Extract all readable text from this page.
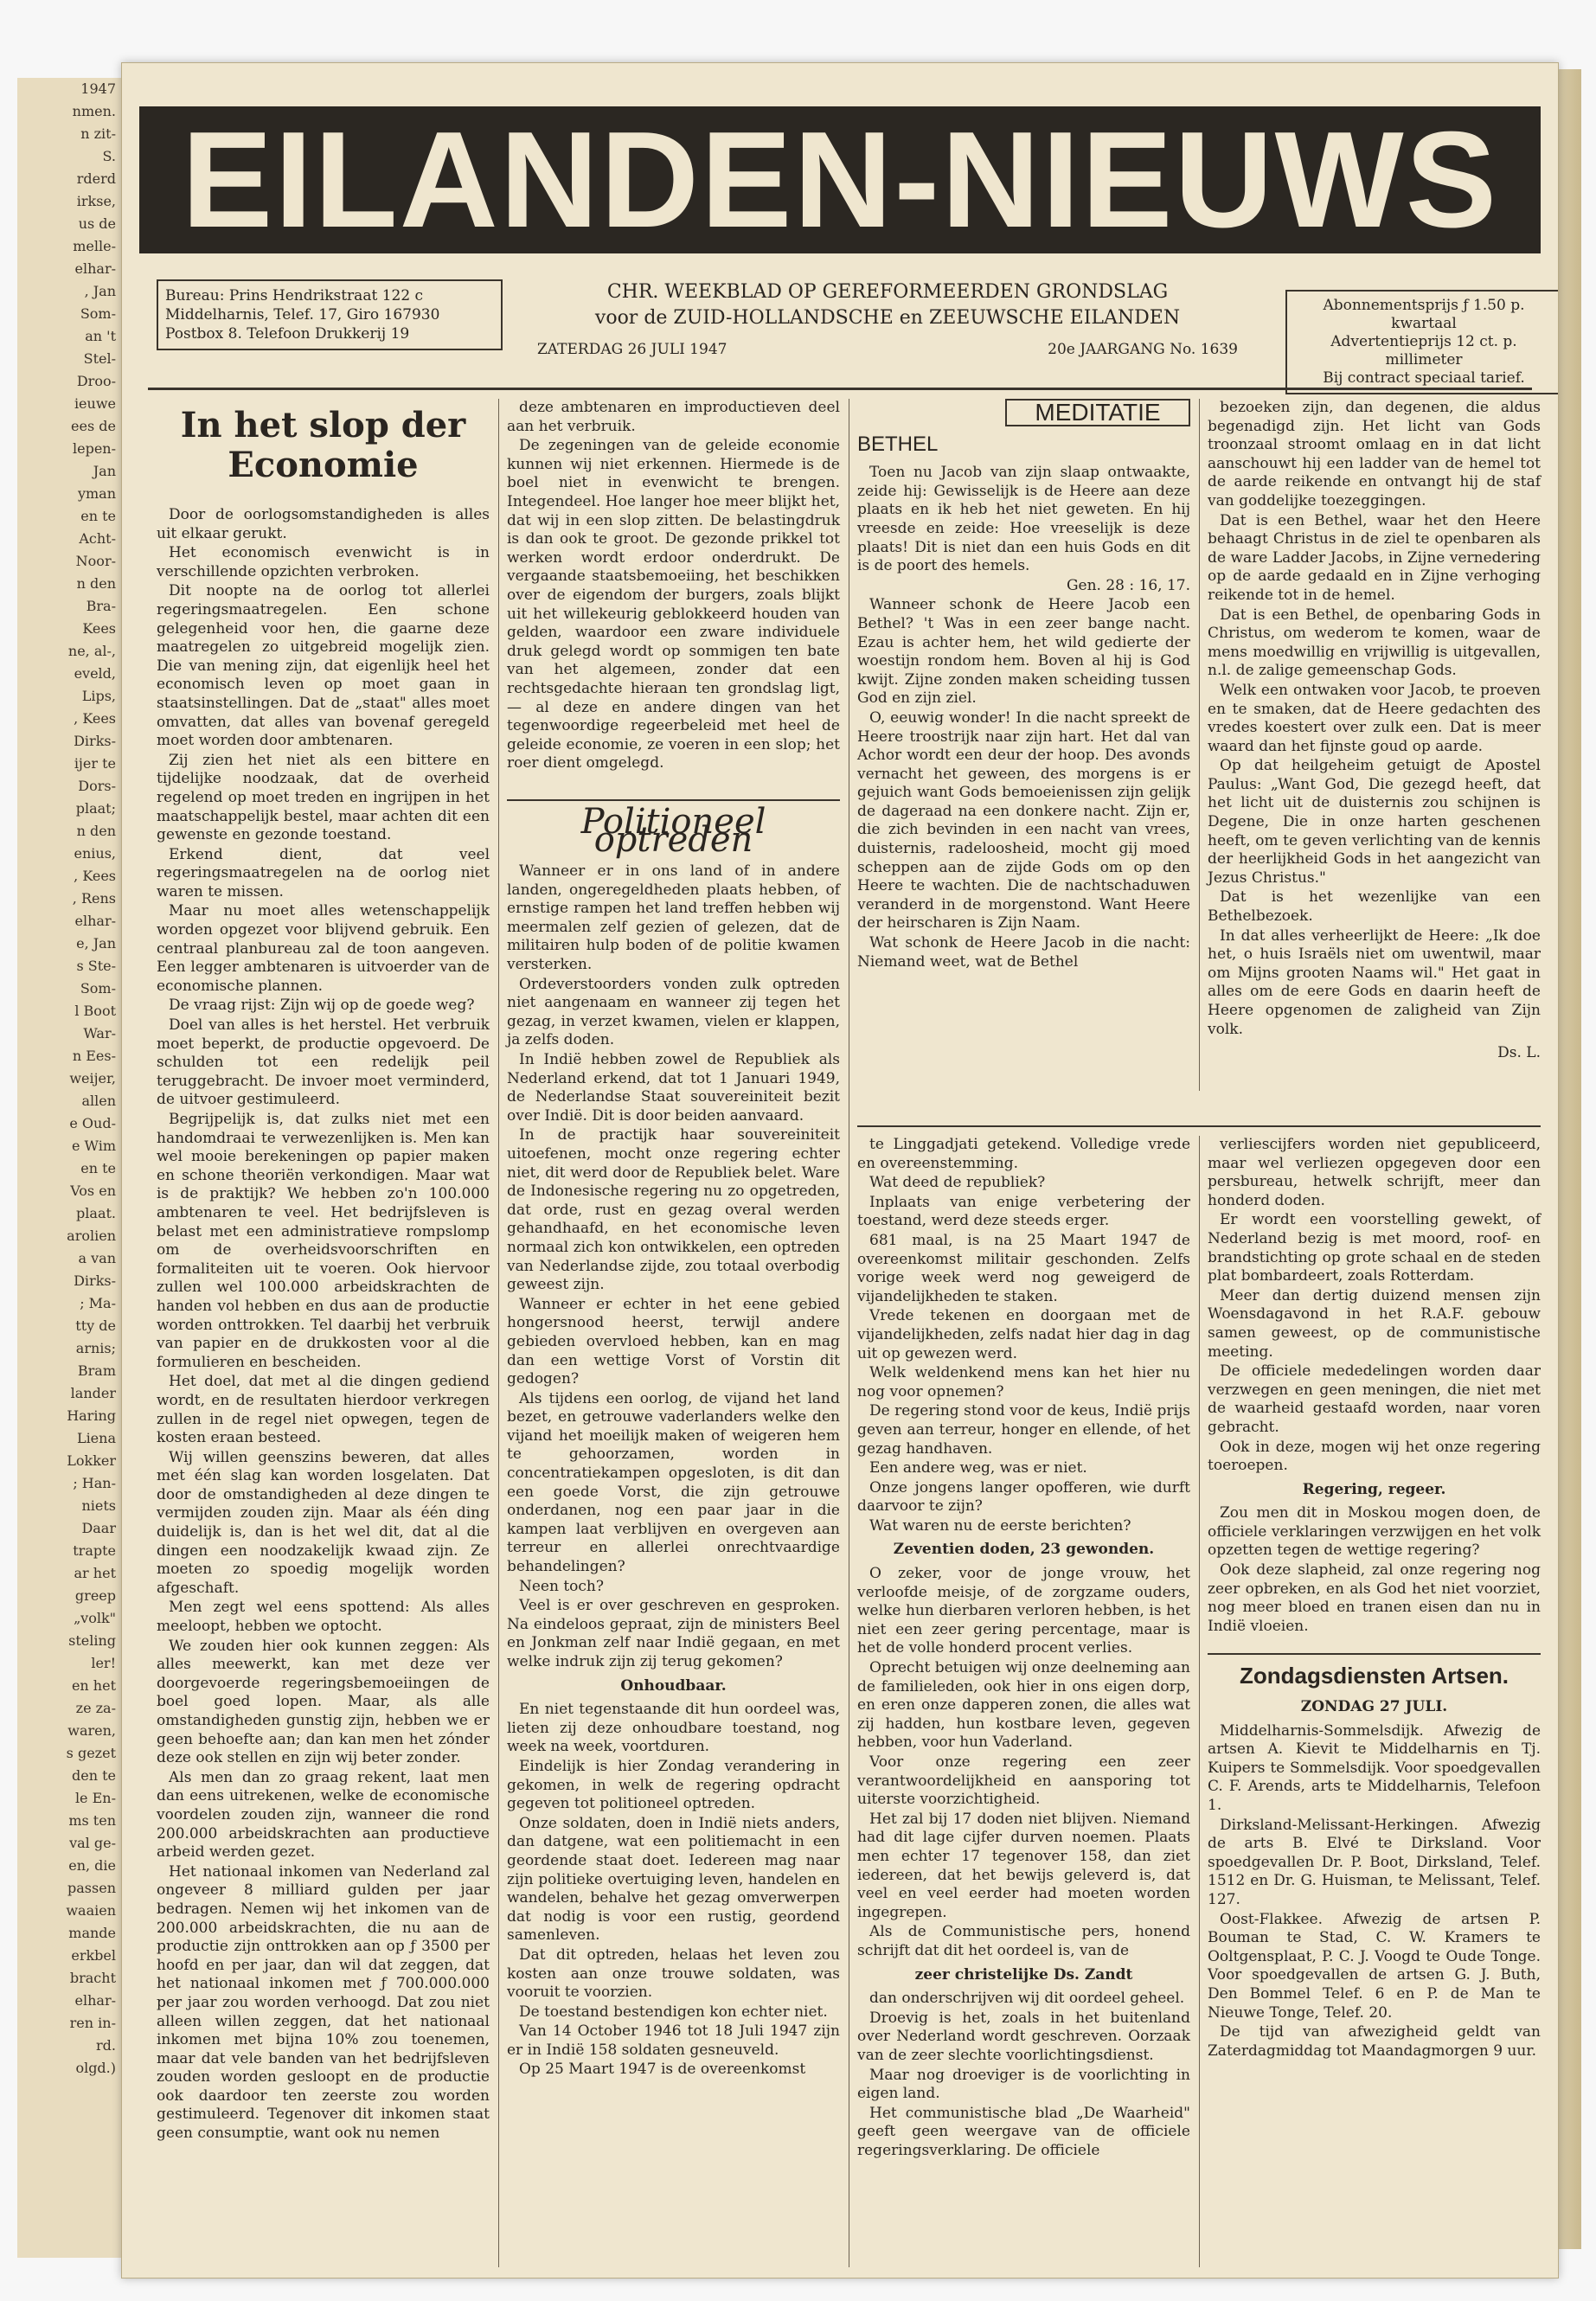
1947

nmen.

n zit-

S.

rderd

irkse,

us de

melle-

elhar-

, Jan

Som-

an 't

Stel-

Droo-

ieuwe

ees de

lepen-

Jan

yman

en te

Acht-

Noor-

n den

Bra-

Kees

ne, al-,

eveld,

Lips,

, Kees

Dirks-

ijer te

Dors-

plaat;

n den

enius,

, Kees

, Rens

elhar-

e, Jan

s Ste-

Som-

l Boot

War-

n Ees-

weijer,

allen

e Oud-

e Wim

en te

Vos en

plaat.

arolien

a van

Dirks-

; Ma-

tty de

arnis;

Bram

lander

Haring

Liena

Lokker

; Han-

niets

Daar

trapte

ar het

greep

„volk"

steling

ler!

en het

ze za-

waren,

s gezet

den te

le En-

ms ten

val ge-

en, die

passen

waaien

mande

erkbel

bracht

elhar-

ren in-

rd.

olgd.)

EILANDEN-NIEUWS
Bureau: Prins Hendrikstraat 122 c
Middelharnis, Telef. 17, Giro 167930
Postbox 8. Telefoon Drukkerij 19
CHR. WEEKBLAD OP GEREFORMEERDEN GRONDSLAG
voor de ZUID-HOLLANDSCHE en ZEEUWSCHE EILANDEN
ZATERDAG 26 JULI 1947	20e JAARGANG No. 1639
Abonnementsprijs ƒ 1.50 p. kwartaal
Advertentieprijs 12 ct. p. millimeter
Bij contract speciaal tarief.
In het slop der Economie

Door de oorlogsomstandigheden is alles uit elkaar gerukt.

Het economisch evenwicht is in verschillende opzichten verbroken.

Dit noopte na de oorlog tot allerlei regeringsmaatregelen. Een schone gelegenheid voor hen, die gaarne deze maatregelen zo uitgebreid mogelijk zien. Die van mening zijn, dat eigenlijk heel het economisch leven op moet gaan in staatsinstellingen. Dat de „staat" alles moet omvatten, dat alles van bovenaf geregeld moet worden door ambtenaren.

Zij zien het niet als een bittere en tijdelijke noodzaak, dat de overheid regelend op moet treden en ingrijpen in het maatschappelijk bestel, maar achten dit een gewenste en gezonde toestand.

Erkend dient, dat veel regeringsmaatregelen na de oorlog niet waren te missen.

Maar nu moet alles wetenschappelijk worden opgezet voor blijvend gebruik. Een centraal planbureau zal de toon aangeven. Een legger ambtenaren is uitvoerder van de economische plannen.

De vraag rijst: Zijn wij op de goede weg?

Doel van alles is het herstel. Het verbruik moet beperkt, de productie opgevoerd. De schulden tot een redelijk peil teruggebracht. De invoer moet verminderd, de uitvoer gestimuleerd.

Begrijpelijk is, dat zulks niet met een handomdraai te verwezenlijken is. Men kan wel mooie berekeningen op papier maken en schone theoriën verkondigen. Maar wat is de praktijk? We hebben zo'n 100.000 ambtenaren te veel. Het bedrijfsleven is belast met een administratieve rompslomp om de overheidsvoorschriften en formaliteiten uit te voeren. Ook hiervoor zullen wel 100.000 arbeidskrachten de handen vol hebben en dus aan de productie worden onttrokken. Tel daarbij het verbruik van papier en de drukkosten voor al die formulieren en bescheiden.

Het doel, dat met al die dingen gediend wordt, en de resultaten hierdoor verkregen zullen in de regel niet opwegen, tegen de kosten eraan besteed.

Wij willen geenszins beweren, dat alles met één slag kan worden losgelaten. Dat door de omstandigheden al deze dingen te vermijden zouden zijn. Maar als één ding duidelijk is, dan is het wel dit, dat al die dingen een noodzakelijk kwaad zijn. Ze moeten zo spoedig mogelijk worden afgeschaft.

Men zegt wel eens spottend: Als alles meeloopt, hebben we optocht.

We zouden hier ook kunnen zeggen: Als alles meewerkt, kan met deze ver doorgevoerde regeringsbemoeiingen de boel goed lopen. Maar, als alle omstandigheden gunstig zijn, hebben we er geen behoefte aan; dan kan men het zónder deze ook stellen en zijn wij beter zonder.

Als men dan zo graag rekent, laat men dan eens uitrekenen, welke de economische voordelen zouden zijn, wanneer die rond 200.000 arbeidskrachten aan productieve arbeid werden gezet.

Het nationaal inkomen van Nederland zal ongeveer 8 milliard gulden per jaar bedragen. Nemen wij het inkomen van de 200.000 arbeidskrachten, die nu aan de productie zijn onttrokken aan op ƒ 3500 per hoofd en per jaar, dan wil dat zeggen, dat het nationaal inkomen met ƒ 700.000.000 per jaar zou worden verhoogd. Dat zou niet alleen willen zeggen, dat het nationaal inkomen met bijna 10% zou toenemen, maar dat vele banden van het bedrijfsleven zouden worden gesloopt en de productie ook daardoor ten zeerste zou worden gestimuleerd. Tegenover dit inkomen staat geen consumptie, want ook nu nemen

deze ambtenaren en improductieven deel aan het verbruik.

De zegeningen van de geleide economie kunnen wij niet erkennen. Hiermede is de boel niet in evenwicht te brengen. Integendeel. Hoe langer hoe meer blijkt het, dat wij in een slop zitten. De belastingdruk is dan ook te groot. De gezonde prikkel tot werken wordt erdoor onderdrukt. De vergaande staatsbemoeiing, het beschikken over de eigendom der burgers, zoals blijkt uit het willekeurig geblokkeerd houden van gelden, waardoor een zware individuele druk gelegd wordt op sommigen ten bate van het algemeen, zonder dat een rechtsgedachte hieraan ten grondslag ligt, — al deze en andere dingen van het tegenwoordige regeerbeleid met heel de geleide economie, ze voeren in een slop; het roer dient omgelegd.

Politioneel optreden

Wanneer er in ons land of in andere landen, ongeregeldheden plaats hebben, of ernstige rampen het land treffen hebben wij meermalen zelf gezien of gelezen, dat de militairen hulp boden of de politie kwamen versterken.

Ordeverstoorders vonden zulk optreden niet aangenaam en wanneer zij tegen het gezag, in verzet kwamen, vielen er klappen, ja zelfs doden.

In Indië hebben zowel de Republiek als Nederland erkend, dat tot 1 Januari 1949, de Nederlandse Staat souvereiniteit bezit over Indië. Dit is door beiden aanvaard.

In de practijk haar souvereiniteit uitoefenen, mocht onze regering echter niet, dit werd door de Republiek belet. Ware de Indonesische regering nu zo opgetreden, dat orde, rust en gezag overal werden gehandhaafd, en het economische leven normaal zich kon ontwikkelen, een optreden van Nederlandse zijde, zou totaal overbodig geweest zijn.

Wanneer er echter in het eene gebied hongersnood heerst, terwijl andere gebieden overvloed hebben, kan en mag dan een wettige Vorst of Vorstin dit gedogen?

Als tijdens een oorlog, de vijand het land bezet, en getrouwe vaderlanders welke den vijand het moeilijk maken of weigeren hem te gehoorzamen, worden in concentratiekampen opgesloten, is dit dan een goede Vorst, die zijn getrouwe onderdanen, nog een paar jaar in die kampen laat verblijven en overgeven aan terreur en allerlei onrechtvaardige behandelingen?

Neen toch?

Veel is er over geschreven en gesproken. Na eindeloos gepraat, zijn de ministers Beel en Jonkman zelf naar Indië gegaan, en met welke indruk zijn zij terug gekomen?

Onhoudbaar.

En niet tegenstaande dit hun oordeel was, lieten zij deze onhoudbare toestand, nog week na week, voortduren.

Eindelijk is hier Zondag verandering in gekomen, in welk de regering opdracht gegeven tot politioneel optreden.

Onze soldaten, doen in Indië niets anders, dan datgene, wat een politiemacht in een geordende staat doet. Iedereen mag naar zijn politieke overtuiging leven, handelen en wandelen, behalve het gezag omverwerpen dat nodig is voor een rustig, geordend samenleven.

Dat dit optreden, helaas het leven zou kosten aan onze trouwe soldaten, was vooruit te voorzien.

De toestand bestendigen kon echter niet.

Van 14 October 1946 tot 18 Juli 1947 zijn er in Indië 158 soldaten gesneuveld.

Op 25 Maart 1947 is de overeenkomst

MEDITATIE
BETHEL

Toen nu Jacob van zijn slaap ontwaakte, zeide hij: Gewisselijk is de Heere aan deze plaats en ik heb het niet geweten. En hij vreesde en zeide: Hoe vreeselijk is deze plaats! Dit is niet dan een huis Gods en dit is de poort des hemels.

Gen. 28 : 16, 17.

Wanneer schonk de Heere Jacob een Bethel? 't Was in een zeer bange nacht. Ezau is achter hem, het wild gedierte der woestijn rondom hem. Boven al hij is God kwijt. Zijne zonden maken scheiding tussen God en zijn ziel.

O, eeuwig wonder! In die nacht spreekt de Heere troostrijk naar zijn hart. Het dal van Achor wordt een deur der hoop. Des avonds vernacht het geween, des morgens is er gejuich want Gods bemoeienissen zijn gelijk de dageraad na een donkere nacht. Zijn er, die zich bevinden in een nacht van vrees, duisternis, radeloosheid, mocht gij moed scheppen aan de zijde Gods om op den Heere te wachten. Die de nachtschaduwen veranderd in de morgenstond. Want Heere der heirscharen is Zijn Naam.

Wat schonk de Heere Jacob in die nacht: Niemand weet, wat de Bethel

bezoeken zijn, dan degenen, die aldus begenadigd zijn. Het licht van Gods troonzaal stroomt omlaag en in dat licht aanschouwt hij een ladder van de hemel tot de aarde reikende en ontvangt hij de staf van goddelijke toezeggingen.

Dat is een Bethel, waar het den Heere behaagt Christus in de ziel te openbaren als de ware Ladder Jacobs, in Zijne vernedering op de aarde gedaald en in Zijne verhoging reikende tot in de hemel.

Dat is een Bethel, de openbaring Gods in Christus, om wederom te komen, waar de mens moedwillig en vrijwillig is uitgevallen, n.l. de zalige gemeenschap Gods.

Welk een ontwaken voor Jacob, te proeven en te smaken, dat de Heere gedachten des vredes koestert over zulk een. Dat is meer waard dan het fijnste goud op aarde.

Op dat heilgeheim getuigt de Apostel Paulus: „Want God, Die gezegd heeft, dat het licht uit de duisternis zou schijnen is Degene, Die in onze harten geschenen heeft, om te geven verlichting van de kennis der heerlijkheid Gods in het aangezicht van Jezus Christus."

Dat is het wezenlijke van een Bethelbezoek.

In dat alles verheerlijkt de Heere: „Ik doe het, o huis Israëls niet om uwentwil, maar om Mijns grooten Naams wil." Het gaat in alles om de eere Gods en daarin heeft de Heere opgenomen de zaligheid van Zijn volk.

Ds. L.

te Linggadjati getekend. Volledige vrede en overeenstemming.

Wat deed de republiek?

Inplaats van enige verbetering der toestand, werd deze steeds erger.

681 maal, is na 25 Maart 1947 de overeenkomst militair geschonden. Zelfs vorige week werd nog geweigerd de vijandelijkheden te staken.

Vrede tekenen en doorgaan met de vijandelijkheden, zelfs nadat hier dag in dag uit op gewezen werd.

Welk weldenkend mens kan het hier nu nog voor opnemen?

De regering stond voor de keus, Indië prijs geven aan terreur, honger en ellende, of het gezag handhaven.

Een andere weg, was er niet.

Onze jongens langer opofferen, wie durft daarvoor te zijn?

Wat waren nu de eerste berichten?

Zeventien doden, 23 gewonden.

O zeker, voor de jonge vrouw, het verloofde meisje, of de zorgzame ouders, welke hun dierbaren verloren hebben, is het niet een zeer gering percentage, maar is het de volle honderd procent verlies.

Oprecht betuigen wij onze deelneming aan de familieleden, ook hier in ons eigen dorp, en eren onze dapperen zonen, die alles wat zij hadden, hun kostbare leven, gegeven hebben, voor hun Vaderland.

Voor onze regering een zeer verantwoordelijkheid en aansporing tot uiterste voorzichtigheid.

Het zal bij 17 doden niet blijven. Niemand had dit lage cijfer durven noemen. Plaats men echter 17 tegenover 158, dan ziet iedereen, dat het bewijs geleverd is, dat veel en veel eerder had moeten worden ingegrepen.

Als de Communistische pers, honend schrijft dat dit het oordeel is, van de

zeer christelijke Ds. Zandt

dan onderschrijven wij dit oordeel geheel.

Droevig is het, zoals in het buitenland over Nederland wordt geschreven. Oorzaak van de zeer slechte voorlichtingsdienst.

Maar nog droeviger is de voorlichting in eigen land.

Het communistische blad „De Waarheid" geeft geen weergave van de officiele regeringsverklaring. De officiele

verliescijfers worden niet gepubliceerd, maar wel verliezen opgegeven door een persbureau, hetwelk schrijft, meer dan honderd doden.

Er wordt een voorstelling gewekt, of Nederland bezig is met moord, roof- en brandstichting op grote schaal en de steden plat bombardeert, zoals Rotterdam.

Meer dan dertig duizend mensen zijn Woensdagavond in het R.A.F. gebouw samen geweest, op de communistische meeting.

De officiele mededelingen worden daar verzwegen en geen meningen, die niet met de waarheid gestaafd worden, naar voren gebracht.

Ook in deze, mogen wij het onze regering toeroepen.

Regering, regeer.

Zou men dit in Moskou mogen doen, de officiele verklaringen verzwijgen en het volk opzetten tegen de wettige regering?

Ook deze slapheid, zal onze regering nog zeer opbreken, en als God het niet voorziet, nog meer bloed en tranen eisen dan nu in Indië vloeien.

Zondagsdiensten Artsen.

ZONDAG 27 JULI.

Middelharnis-Sommelsdijk. Afwezig de artsen A. Kievit te Middelharnis en Tj. Kuipers te Sommelsdijk. Voor spoedgevallen C. F. Arends, arts te Middelharnis, Telefoon 1.

Dirksland-Melissant-Herkingen. Afwezig de arts B. Elvé te Dirksland. Voor spoedgevallen Dr. P. Boot, Dirksland, Telef. 1512 en Dr. G. Huisman, te Melissant, Telef. 127.

Oost-Flakkee. Afwezig de artsen P. Bouman te Stad, C. W. Kramers te Ooltgensplaat, P. C. J. Voogd te Oude Tonge. Voor spoedgevallen de artsen G. J. Buth, Den Bommel Telef. 6 en P. de Man te Nieuwe Tonge, Telef. 20.

De tijd van afwezigheid geldt van Zaterdagmiddag tot Maandagmorgen 9 uur.
